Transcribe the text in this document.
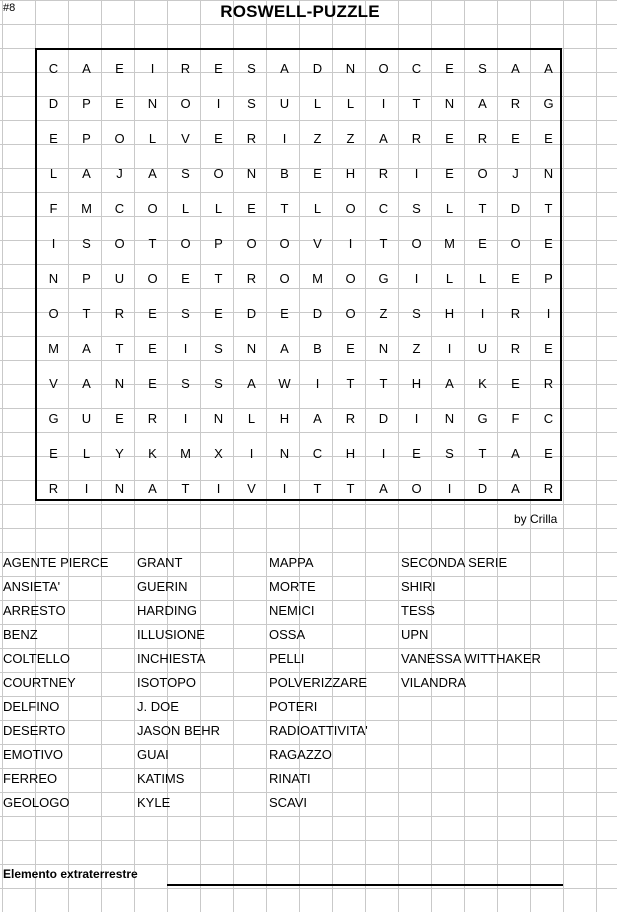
#8	ROSWELL-PUZZLE
C	A	E	I	R	E	S	A	D	N	O	C	E	S	A	A
D	P	E	N	O	I	S	U	L	L	I	T	N	A	R	G
E	P	O	L	V	E	R	I	Z	Z	A	R	E	R	E	E
L	A	J	A	S	O	N	B	E	H	R	I	E	O	J	N
F	M	C	O	L	L	E	T	L	O	C	S	L	T	D	T
I	S	O	T	O	P	O	O	V	I	T	O	M	E	O	E
N	P	U	O	E	T	R	O	M	O	G	I	L	L	E	P
O	T	R	E	S	E	D	E	D	O	Z	S	H	I	R	I
M	A	T	E	I	S	N	A	B	E	N	Z	I	U	R	E
V	A	N	E	S	S	A	W	I	T	T	H	A	K	E	R
G	U	E	R	I	N	L	H	A	R	D	I	N	G	F	C
E	L	Y	K	M	X	I	N	C	H	I	E	S	T	A	E
R	I	N	A	T	I	V	I	T	T	A	O	I	D	A	R
by Crilla
AGENTE PIERCE
ANSIETA'
ARRESTO
BENZ
COLTELLO
COURTNEY
DELFINO
DESERTO
EMOTIVO
FERREO
GEOLOGO
GRANT
GUERIN
HARDING
ILLUSIONE
INCHIESTA
ISOTOPO
J. DOE
JASON BEHR
GUAI
KATIMS
KYLE
MAPPA
MORTE
NEMICI
OSSA
PELLI
POLVERIZZARE
POTERI
RADIOATTIVITA'
RAGAZZO
RINATI
SCAVI
SECONDA SERIE
SHIRI
TESS
UPN
VANESSA WITTHAKER
VILANDRA
Elemento extraterrestre
